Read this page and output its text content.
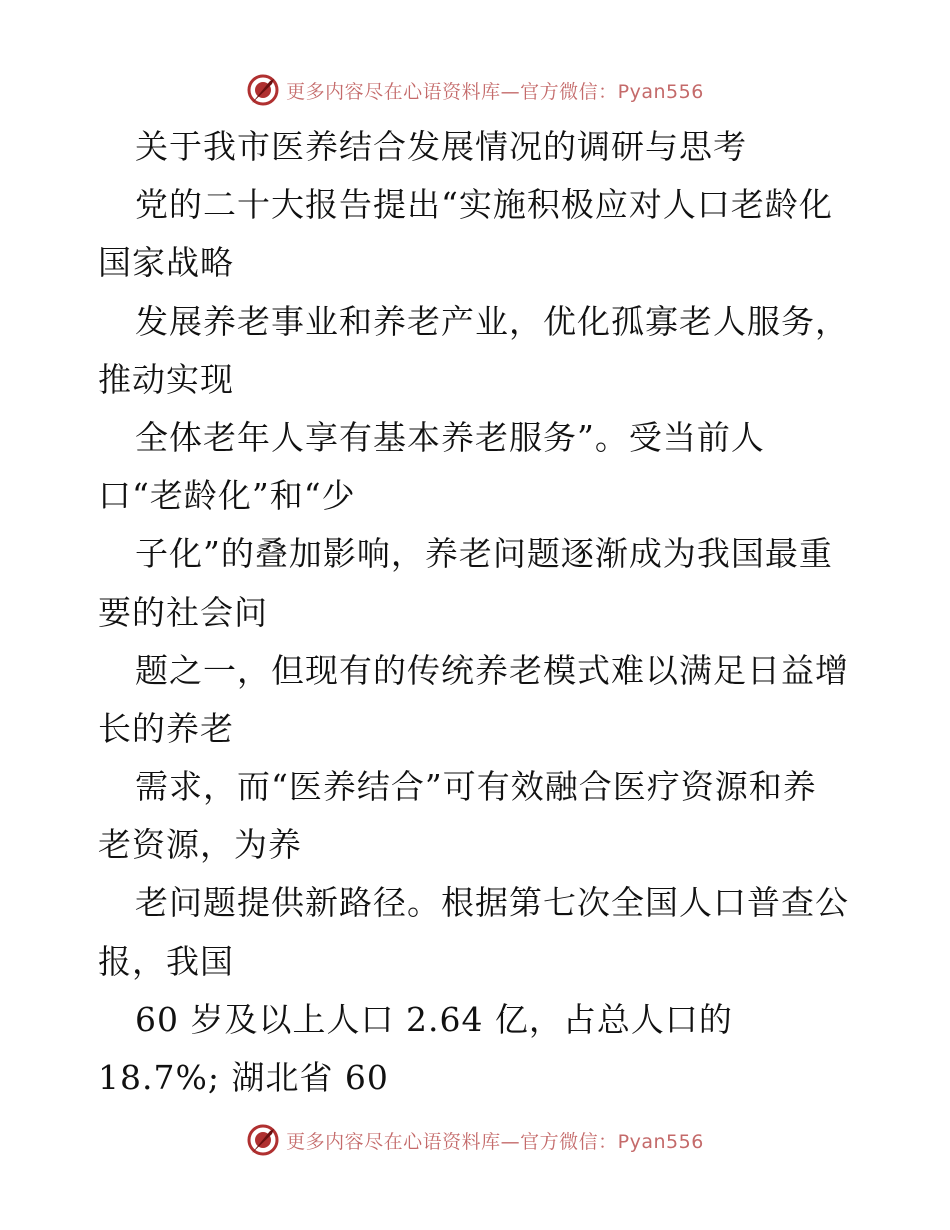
更多内容尽在心语资料库—官方微信：Pyan556
关于我市医养结合发展情况的调研与思考
党的二十大报告提出“实施积极应对人口老龄化
国家战略
发展养老事业和养老产业，优化孤寡老人服务，
推动实现
全体老年人享有基本养老服务”。受当前人
口“老龄化”和“少
子化”的叠加影响，养老问题逐渐成为我国最重
要的社会问
题之一，但现有的传统养老模式难以满足日益增
长的养老
需求，而“医养结合”可有效融合医疗资源和养
老资源，为养
老问题提供新路径。根据第七次全国人口普查公
报，我国
60 岁及以上人口 2.64 亿，占总人口的
18.7%; 湖北省 60
更多内容尽在心语资料库—官方微信：Pyan556
